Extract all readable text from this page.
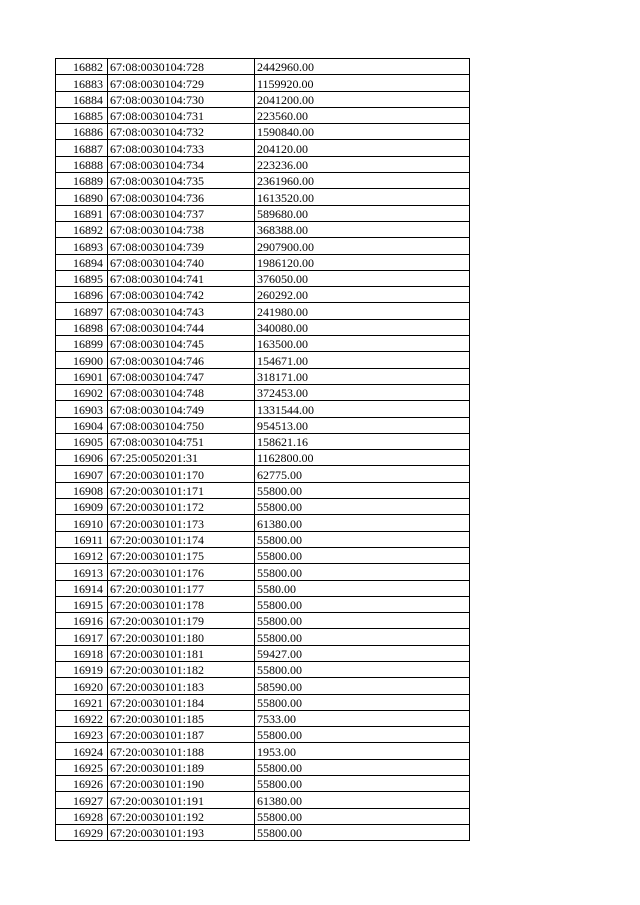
16882	67:08:0030104:728	2442960.00
16883	67:08:0030104:729	1159920.00
16884	67:08:0030104:730	2041200.00
16885	67:08:0030104:731	223560.00
16886	67:08:0030104:732	1590840.00
16887	67:08:0030104:733	204120.00
16888	67:08:0030104:734	223236.00
16889	67:08:0030104:735	2361960.00
16890	67:08:0030104:736	1613520.00
16891	67:08:0030104:737	589680.00
16892	67:08:0030104:738	368388.00
16893	67:08:0030104:739	2907900.00
16894	67:08:0030104:740	1986120.00
16895	67:08:0030104:741	376050.00
16896	67:08:0030104:742	260292.00
16897	67:08:0030104:743	241980.00
16898	67:08:0030104:744	340080.00
16899	67:08:0030104:745	163500.00
16900	67:08:0030104:746	154671.00
16901	67:08:0030104:747	318171.00
16902	67:08:0030104:748	372453.00
16903	67:08:0030104:749	1331544.00
16904	67:08:0030104:750	954513.00
16905	67:08:0030104:751	158621.16
16906	67:25:0050201:31	1162800.00
16907	67:20:0030101:170	62775.00
16908	67:20:0030101:171	55800.00
16909	67:20:0030101:172	55800.00
16910	67:20:0030101:173	61380.00
16911	67:20:0030101:174	55800.00
16912	67:20:0030101:175	55800.00
16913	67:20:0030101:176	55800.00
16914	67:20:0030101:177	5580.00
16915	67:20:0030101:178	55800.00
16916	67:20:0030101:179	55800.00
16917	67:20:0030101:180	55800.00
16918	67:20:0030101:181	59427.00
16919	67:20:0030101:182	55800.00
16920	67:20:0030101:183	58590.00
16921	67:20:0030101:184	55800.00
16922	67:20:0030101:185	7533.00
16923	67:20:0030101:187	55800.00
16924	67:20:0030101:188	1953.00
16925	67:20:0030101:189	55800.00
16926	67:20:0030101:190	55800.00
16927	67:20:0030101:191	61380.00
16928	67:20:0030101:192	55800.00
16929	67:20:0030101:193	55800.00
